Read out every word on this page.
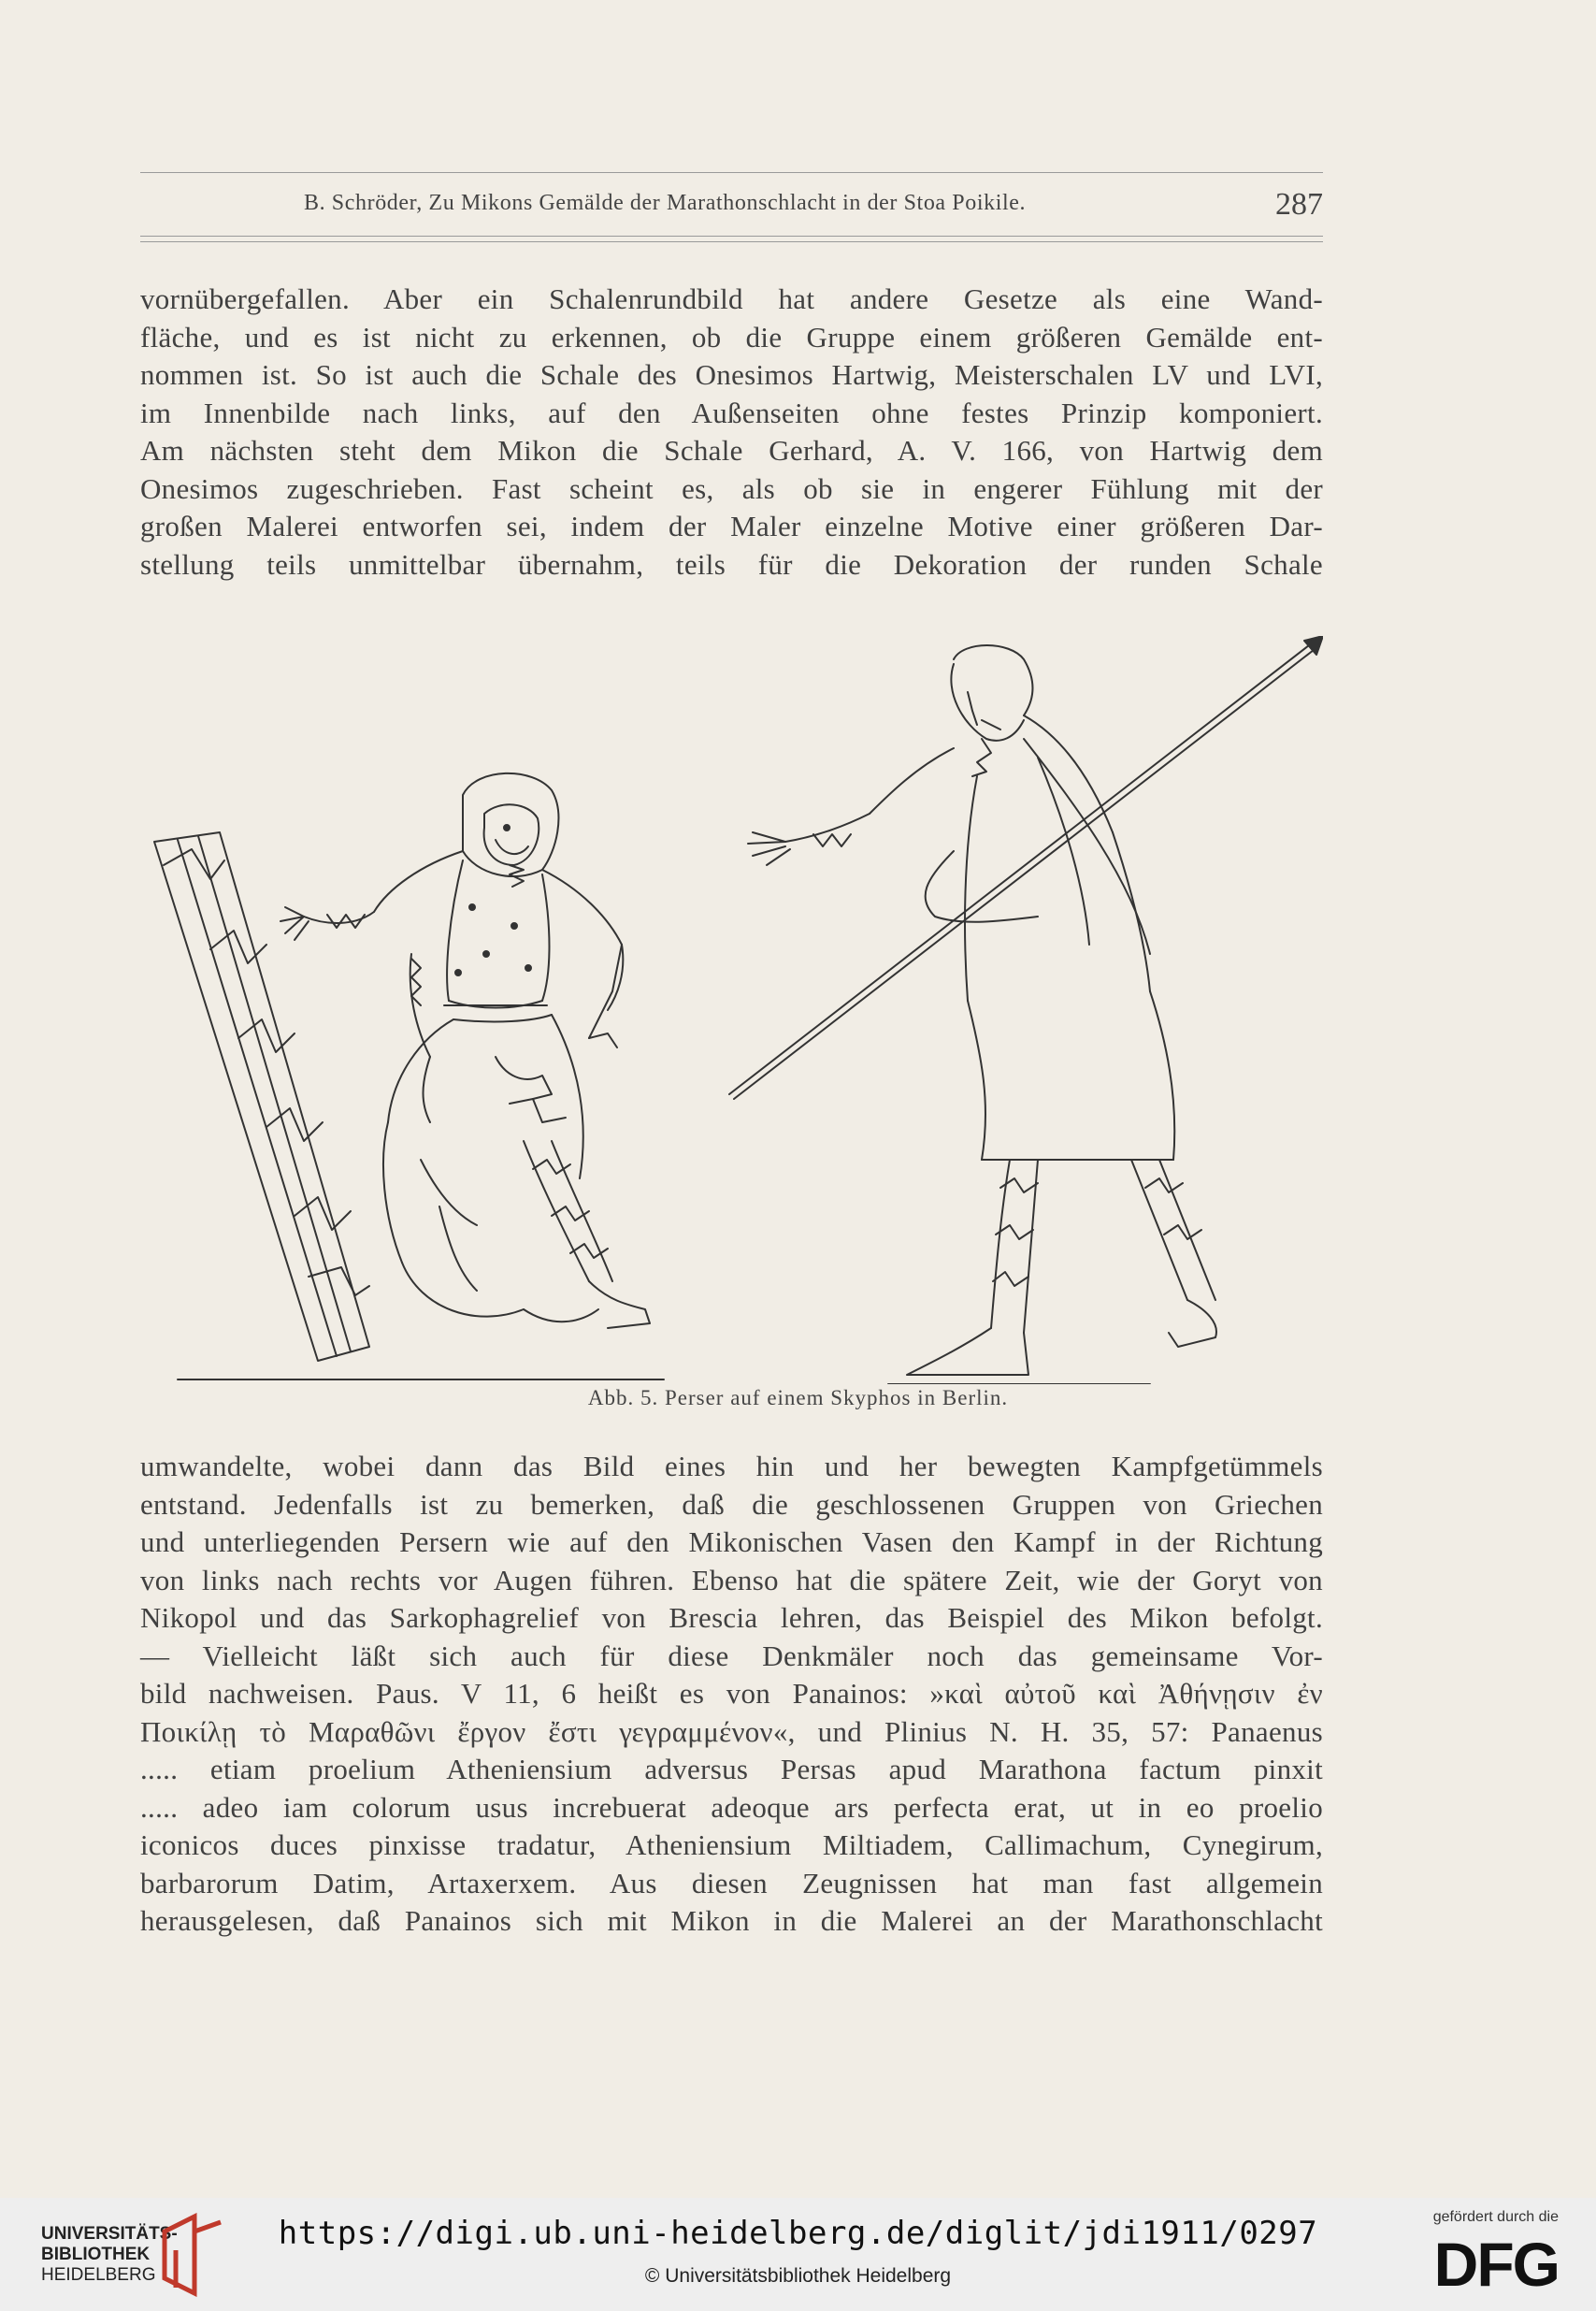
B. Schröder, Zu Mikons Gemälde der Marathonschlacht in der Stoa Poikile.	287
vornübergefallen. Aber ein Schalenrundbild hat andere Gesetze als eine Wand-
fläche, und es ist nicht zu erkennen, ob die Gruppe einem größeren Gemälde ent-
nommen ist. So ist auch die Schale des Onesimos Hartwig, Meisterschalen LV und LVI,
im Innenbilde nach links, auf den Außenseiten ohne festes Prinzip komponiert.
Am nächsten steht dem Mikon die Schale Gerhard, A. V. 166, von Hartwig dem
Onesimos zugeschrieben. Fast scheint es, als ob sie in engerer Fühlung mit der
großen Malerei entworfen sei, indem der Maler einzelne Motive einer größeren Dar-
stellung teils unmittelbar übernahm, teils für die Dekoration der runden Schale
Abb. 5. Perser auf einem Skyphos in Berlin.
umwandelte, wobei dann das Bild eines hin und her bewegten Kampfgetümmels
entstand. Jedenfalls ist zu bemerken, daß die geschlossenen Gruppen von Griechen
und unterliegenden Persern wie auf den Mikonischen Vasen den Kampf in der Richtung
von links nach rechts vor Augen führen. Ebenso hat die spätere Zeit, wie der Goryt von
Nikopol und das Sarkophagrelief von Brescia lehren, das Beispiel des Mikon befolgt.
— Vielleicht läßt sich auch für diese Denkmäler noch das gemeinsame Vor-
bild nachweisen. Paus. V 11, 6 heißt es von Panainos: »καὶ αὐτοῦ καὶ Ἀθήνῃσιν ἐν
Ποικίλῃ τὸ Μαραθῶνι ἔργον ἔστι γεγραμμένον«, und Plinius N. H. 35, 57: Panaenus
..... etiam proelium Atheniensium adversus Persas apud Marathona factum pinxit
..... adeo iam colorum usus increbuerat adeoque ars perfecta erat, ut in eo proelio
iconicos duces pinxisse tradatur, Atheniensium Miltiadem, Callimachum, Cynegirum,
barbarorum Datim, Artaxerxem. Aus diesen Zeugnissen hat man fast allgemein
herausgelesen, daß Panainos sich mit Mikon in die Malerei an der Marathonschlacht
UNIVERSITÄTS-
BIBLIOTHEK
HEIDELBERG
https://digi.ub.uni-heidelberg.de/diglit/jdi1911/0297
© Universitätsbibliothek Heidelberg
gefördert durch die
DFG
